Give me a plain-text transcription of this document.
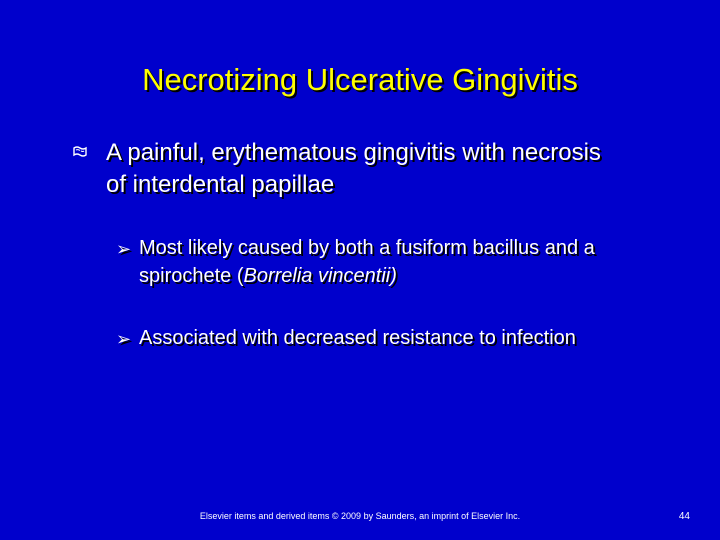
Necrotizing Ulcerative Gingivitis
A painful, erythematous gingivitis with necrosis of interdental papillae
➢ Most likely caused by both a fusiform bacillus and a spirochete (Borrelia vincentii)
➢ Associated with decreased resistance to infection
Elsevier items and derived items © 2009 by Saunders, an imprint of Elsevier Inc.	44
